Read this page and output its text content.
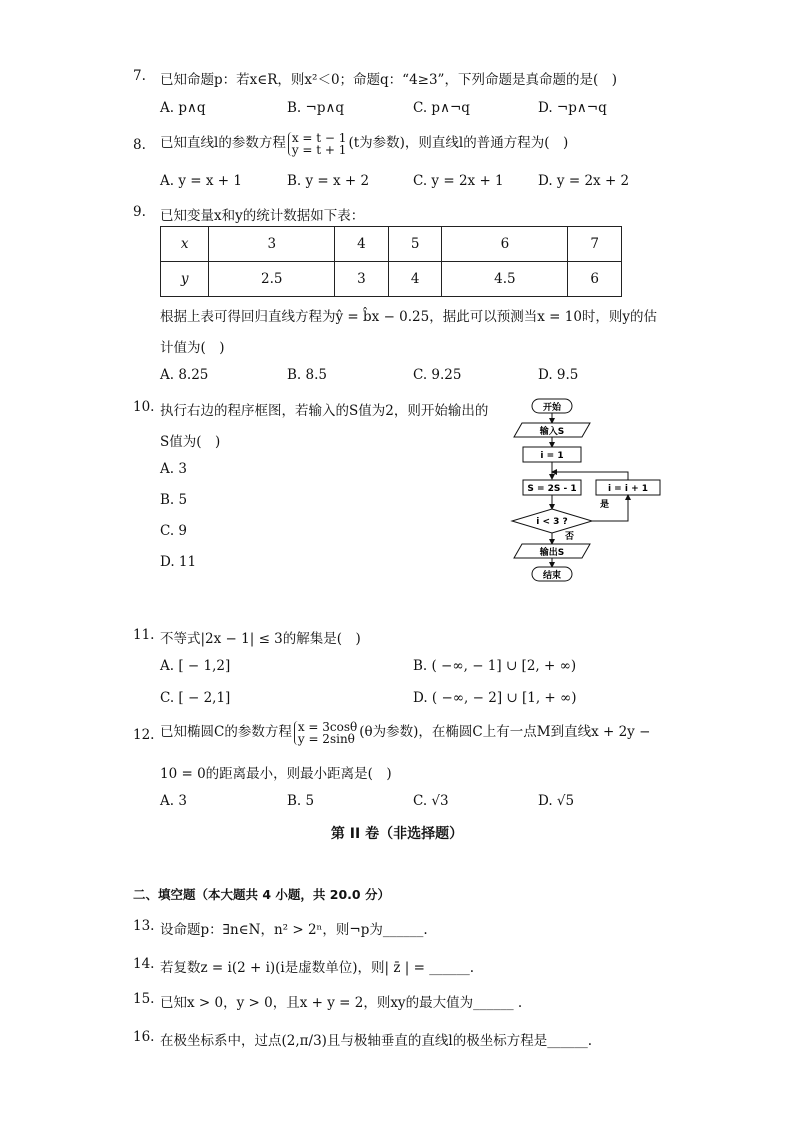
7.	已知命题p：若x∈R，则x²＜0；命题q：“4≥3”，下列命题是真命题的是(　)
A. p∧q	B. ¬p∧q	C. p∧¬q	D. ¬p∧¬q
8.	已知直线l的参数方程 x = t − 1
y = t + 1 (t为参数)，则直线l的普通方程为(　)
A. y = x + 1	B. y = x + 2	C. y = 2x + 1	D. y = 2x + 2
9.	已知变量x和y的统计数据如下表：
x	3	4	5	6	7
y	2.5	3	4	4.5	6
根据上表可得回归直线方程为ŷ = b̂x − 0.25，据此可以预测当x = 10时，则y的估
计值为(　)
A. 8.25	B. 8.5	C. 9.25	D. 9.5
10. 执行右边的程序框图，若输入的S值为2，则开始输出的
S值为(　)
A. 3
B. 5
C. 9
D. 11
开始
输入S
i = 1
S = 2S - 1	i = i + 1
i < 3 ?
是
否
输出S
结束
11. 不等式|2x − 1| ≤ 3的解集是(　)
A. [ − 1,2]	B. ( −∞, − 1] ∪ [2, + ∞)
C. [ − 2,1]	D. ( −∞, − 2] ∪ [1, + ∞)
12. 已知椭圆C的参数方程 x = 3cosθ
y = 2sinθ (θ为参数)，在椭圆C上有一点M到直线x + 2y −
10 = 0的距离最小，则最小距离是(　)
A. 3	B. 5	C. √3	D. √5
第 II 卷（非选择题）
二、填空题（本大题共 4 小题，共 20.0 分）
13. 设命题p：∃n∈N，n² > 2ⁿ，则¬p为______.
14. 若复数z = i(2 + i)(i是虚数单位)，则| z̄ | = ______.
15. 已知x > 0，y > 0，且x + y = 2，则xy的最大值为______ .
16. 在极坐标系中，过点(2,π/3)且与极轴垂直的直线l的极坐标方程是______.
